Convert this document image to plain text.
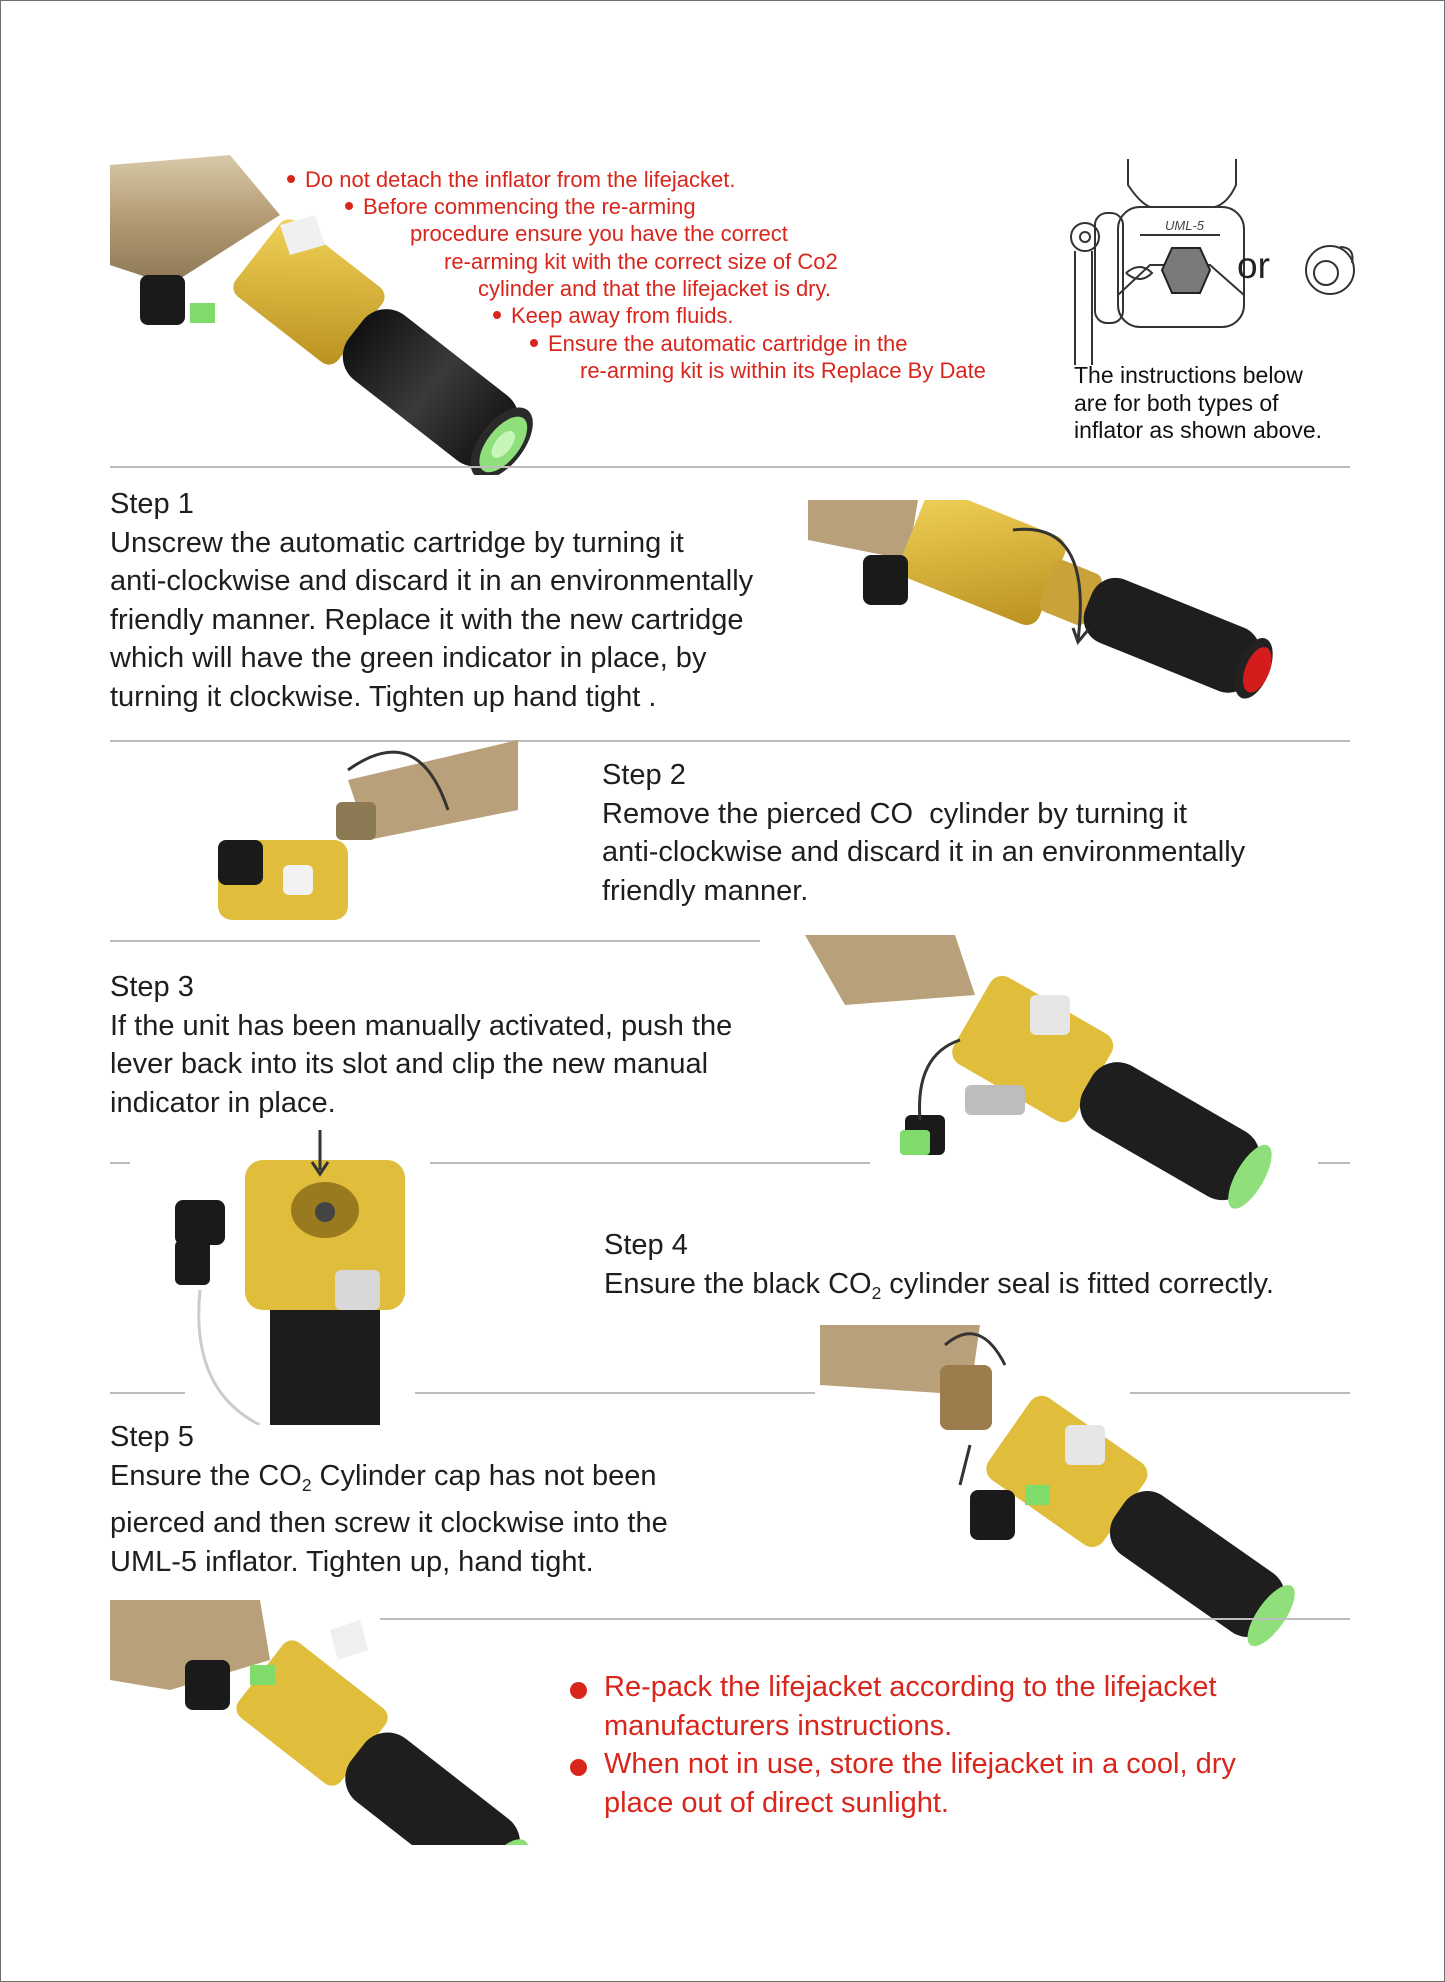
Do not detach the inflator from the lifejacket.
Before commencing the re-arming
procedure ensure you have the correct
re-arming kit with the correct size of Co2
cylinder and that the lifejacket is dry.
Keep away from fluids.
Ensure the automatic cartridge in the
re-arming kit is within its Replace By Date
UML-5
or
The instructions below
are for both types of
inflator as shown above.
Step 1
Unscrew the automatic cartridge by turning it
anti-clockwise and discard it in an environmentally
friendly manner. Replace it with the new cartridge
which will have the green indicator in place, by
turning it clockwise. Tighten up hand tight .
Step 2
Remove the pierced CO cylinder by turning it
anti-clockwise and discard it in an environmentally
friendly manner.
Step 3
If the unit has been manually activated, push the
lever back into its slot and clip the new manual
indicator in place.
Step 4
Ensure the black $CO_2$ cylinder seal is fitted correctly.
Step 5
Ensure the $CO_2$ Cylinder cap has not been
pierced and then screw it clockwise into the
UML-5 inflator. Tighten up, hand tight.
Re-pack the lifejacket according to the lifejacket
manufacturers instructions.
When not in use, store the lifejacket in a cool, dry
place out of direct sunlight.
